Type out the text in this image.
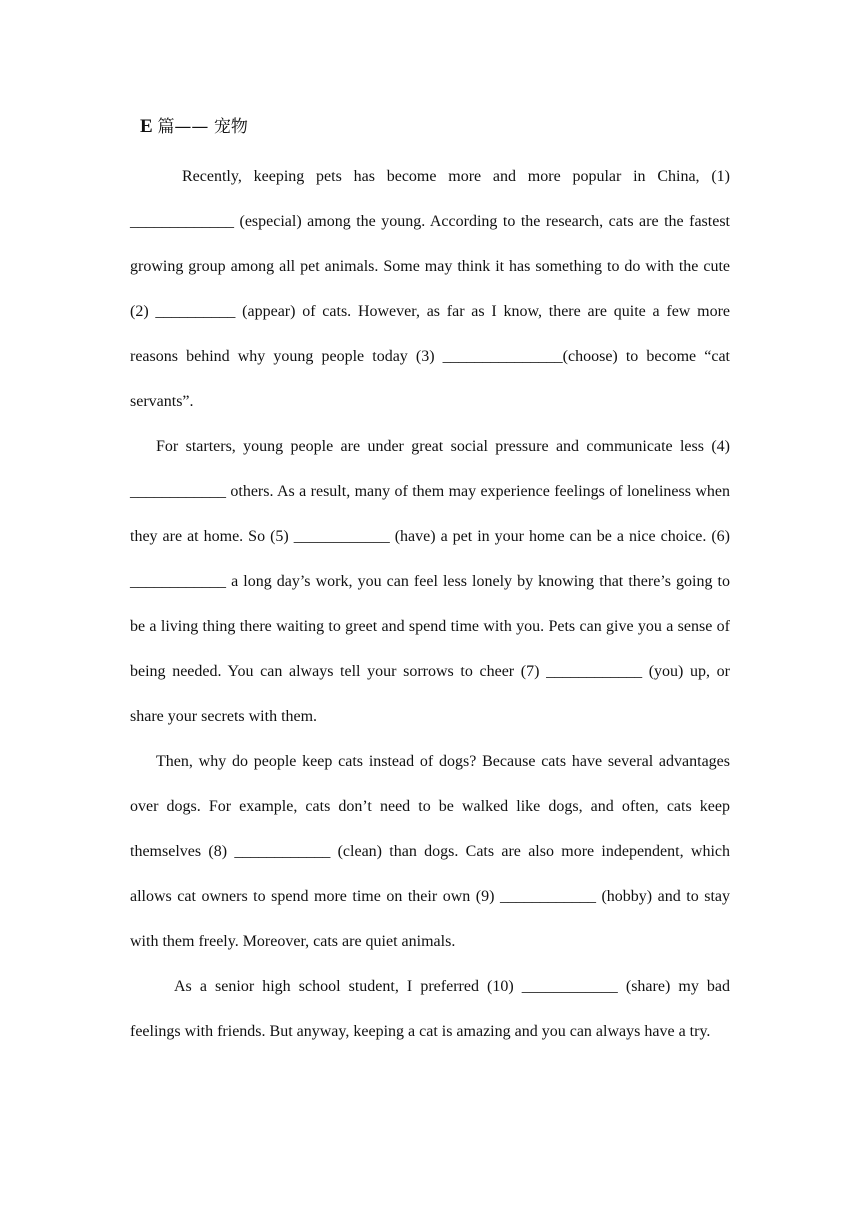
E 篇—— 宠物

Recently, keeping pets has become more and more popular in China, (1) _____________ (especial) among the young. According to the research, cats are the fastest growing group among all pet animals. Some may think it has something to do with the cute (2) __________ (appear) of cats. However, as far as I know, there are quite a few more reasons behind why young people today (3) _______________(choose) to become “cat servants”.

For starters, young people are under great social pressure and communicate less (4) ____________ others. As a result, many of them may experience feelings of loneliness when they are at home. So (5) ____________ (have) a pet in your home can be a nice choice. (6) ____________ a long day’s work, you can feel less lonely by knowing that there’s going to be a living thing there waiting to greet and spend time with you. Pets can give you a sense of being needed. You can always tell your sorrows to cheer (7) ____________ (you) up, or share your secrets with them.

Then, why do people keep cats instead of dogs? Because cats have several advantages over dogs. For example, cats don’t need to be walked like dogs, and often, cats keep themselves (8) ____________ (clean) than dogs. Cats are also more independent, which allows cat owners to spend more time on their own (9) ____________ (hobby) and to stay with them freely. Moreover, cats are quiet animals.

As a senior high school student, I preferred (10) ____________ (share) my bad feelings with friends. But anyway, keeping a cat is amazing and you can always have a try.
